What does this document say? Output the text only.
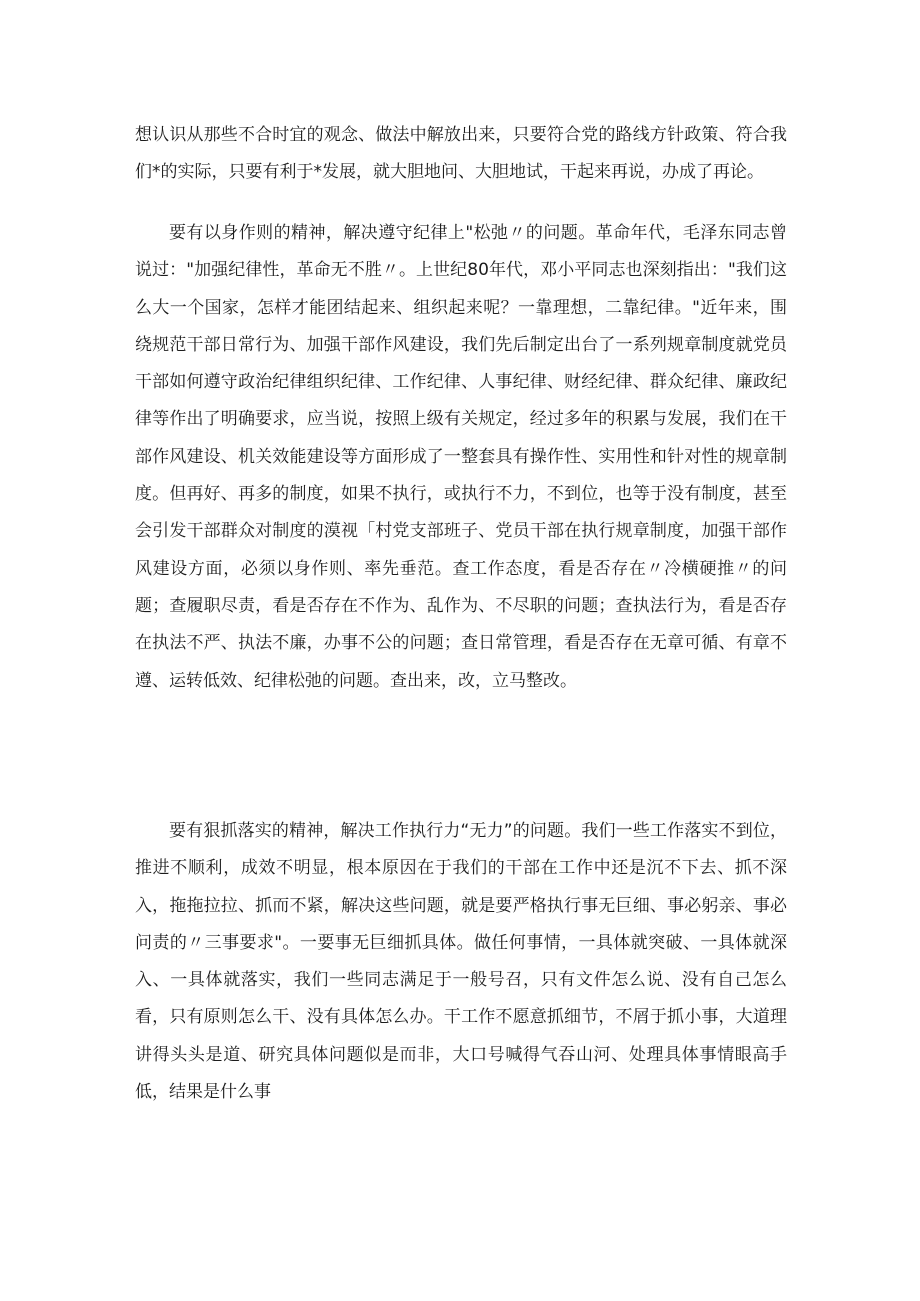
想认识从那些不合时宜的观念、做法中解放出来，只要符合党的路线方针政策、符合我们*的实际，只要有利于*发展，就大胆地问、大胆地试，干起来再说，办成了再论。

要有以身作则的精神，解决遵守纪律上"松弛〃的问题。革命年代，毛泽东同志曾说过："加强纪律性，革命无不胜〃。上世纪80年代，邓小平同志也深刻指出："我们这么大一个国家，怎样才能团结起来、组织起来呢？一靠理想，二靠纪律。"近年来，围绕规范干部日常行为、加强干部作风建设，我们先后制定出台了一系列规章制度就党员干部如何遵守政治纪律组织纪律、工作纪律、人事纪律、财经纪律、群众纪律、廉政纪律等作出了明确要求，应当说，按照上级有关规定，经过多年的积累与发展，我们在干部作风建设、机关效能建设等方面形成了一整套具有操作性、实用性和针对性的规章制度。但再好、再多的制度，如果不执行，或执行不力，不到位，也等于没有制度，甚至会引发干部群众对制度的漠视「村党支部班子、党员干部在执行规章制度，加强干部作风建设方面，必须以身作则、率先垂范。查工作态度，看是否存在〃冷横硬推〃的问题；查履职尽责，看是否存在不作为、乱作为、不尽职的问题；查执法行为，看是否存在执法不严、执法不廉，办事不公的问题；查日常管理，看是否存在无章可循、有章不遵、运转低效、纪律松弛的问题。查出来，改，立马整改。

要有狠抓落实的精神，解决工作执行力“无力”的问题。我们一些工作落实不到位，推进不顺利，成效不明显，根本原因在于我们的干部在工作中还是沉不下去、抓不深入，拖拖拉拉、抓而不紧，解决这些问题，就是要严格执行事无巨细、事必躬亲、事必问责的〃三事要求"。一要事无巨细抓具体。做任何事情，一具体就突破、一具体就深入、一具体就落实，我们一些同志满足于一般号召，只有文件怎么说、没有自己怎么看，只有原则怎么干、没有具体怎么办。干工作不愿意抓细节，不屑于抓小事，大道理讲得头头是道、研究具体问题似是而非，大口号喊得气吞山河、处理具体事情眼高手低，结果是什么事
